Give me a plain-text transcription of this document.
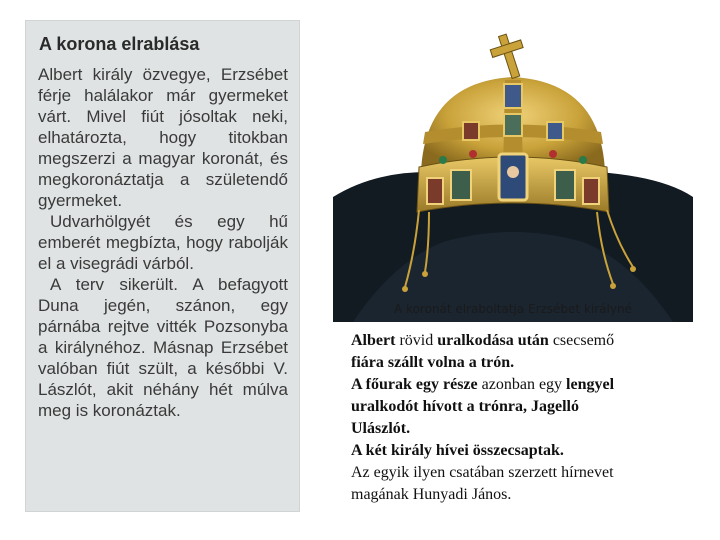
A korona elrablása

Albert király özvegye, Erzsébet férje halálakor már gyermeket várt. Mivel fiút jósoltak neki, elhatározta, hogy titokban megszerzi a magyar koronát, és megkoronáztatja a születendő gyermeket.

Udvarhölgyét és egy hű emberét megbízta, hogy rabolják el a visegrádi várból.

A terv sikerült. A befagyott Duna jegén, szánon, egy párnába rejtve vitték Pozsonyba a királynéhoz. Másnap Erzsébet valóban fiút szült, a későbbi V. Lászlót, akit néhány hét múlva meg is koronáztak.

A koronát elraboltatja Erzsébet királyné

Albert rövid uralkodása után csecsemő

fiára szállt volna a trón.

A főurak egy része azonban egy lengyel

uralkodót hívott a trónra, Jagelló

Ulászlót.

A két király hívei összecsaptak.

Az egyik ilyen csatában szerzett hírnevet

magának Hunyadi János.
